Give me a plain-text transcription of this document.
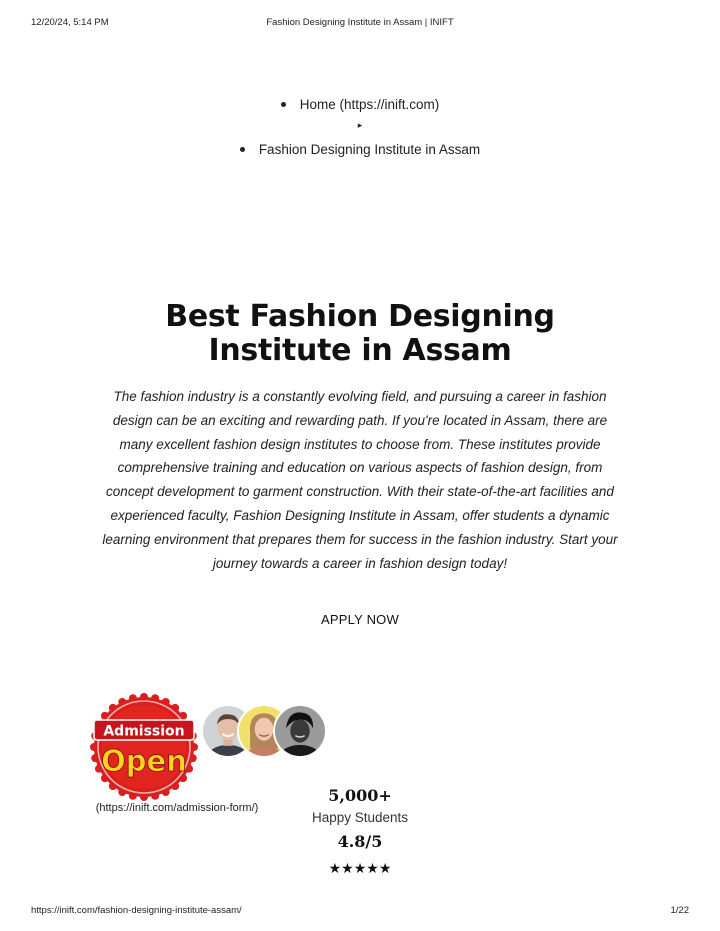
12/20/24, 5:14 PM	Fashion Designing Institute in Assam | INIFT
Home (https://inift.com)
▸
Fashion Designing Institute in Assam
Best Fashion Designing Institute in Assam

The fashion industry is a constantly evolving field, and pursuing a career in fashion design can be an exciting and rewarding path. If you're located in Assam, there are many excellent fashion design institutes to choose from. These institutes provide comprehensive training and education on various aspects of fashion design, from concept development to garment construction. With their state-of-the-art facilities and experienced faculty, Fashion Designing Institute in Assam, offer students a dynamic learning environment that prepares them for success in the fashion industry. Start your journey towards a career in fashion design today!

APPLY NOW
Admission
Open
(https://inift.com/admission-form/)
5,000+
Happy Students
4.8/5
★★★★★
https://inift.com/fashion-designing-institute-assam/	1/22
